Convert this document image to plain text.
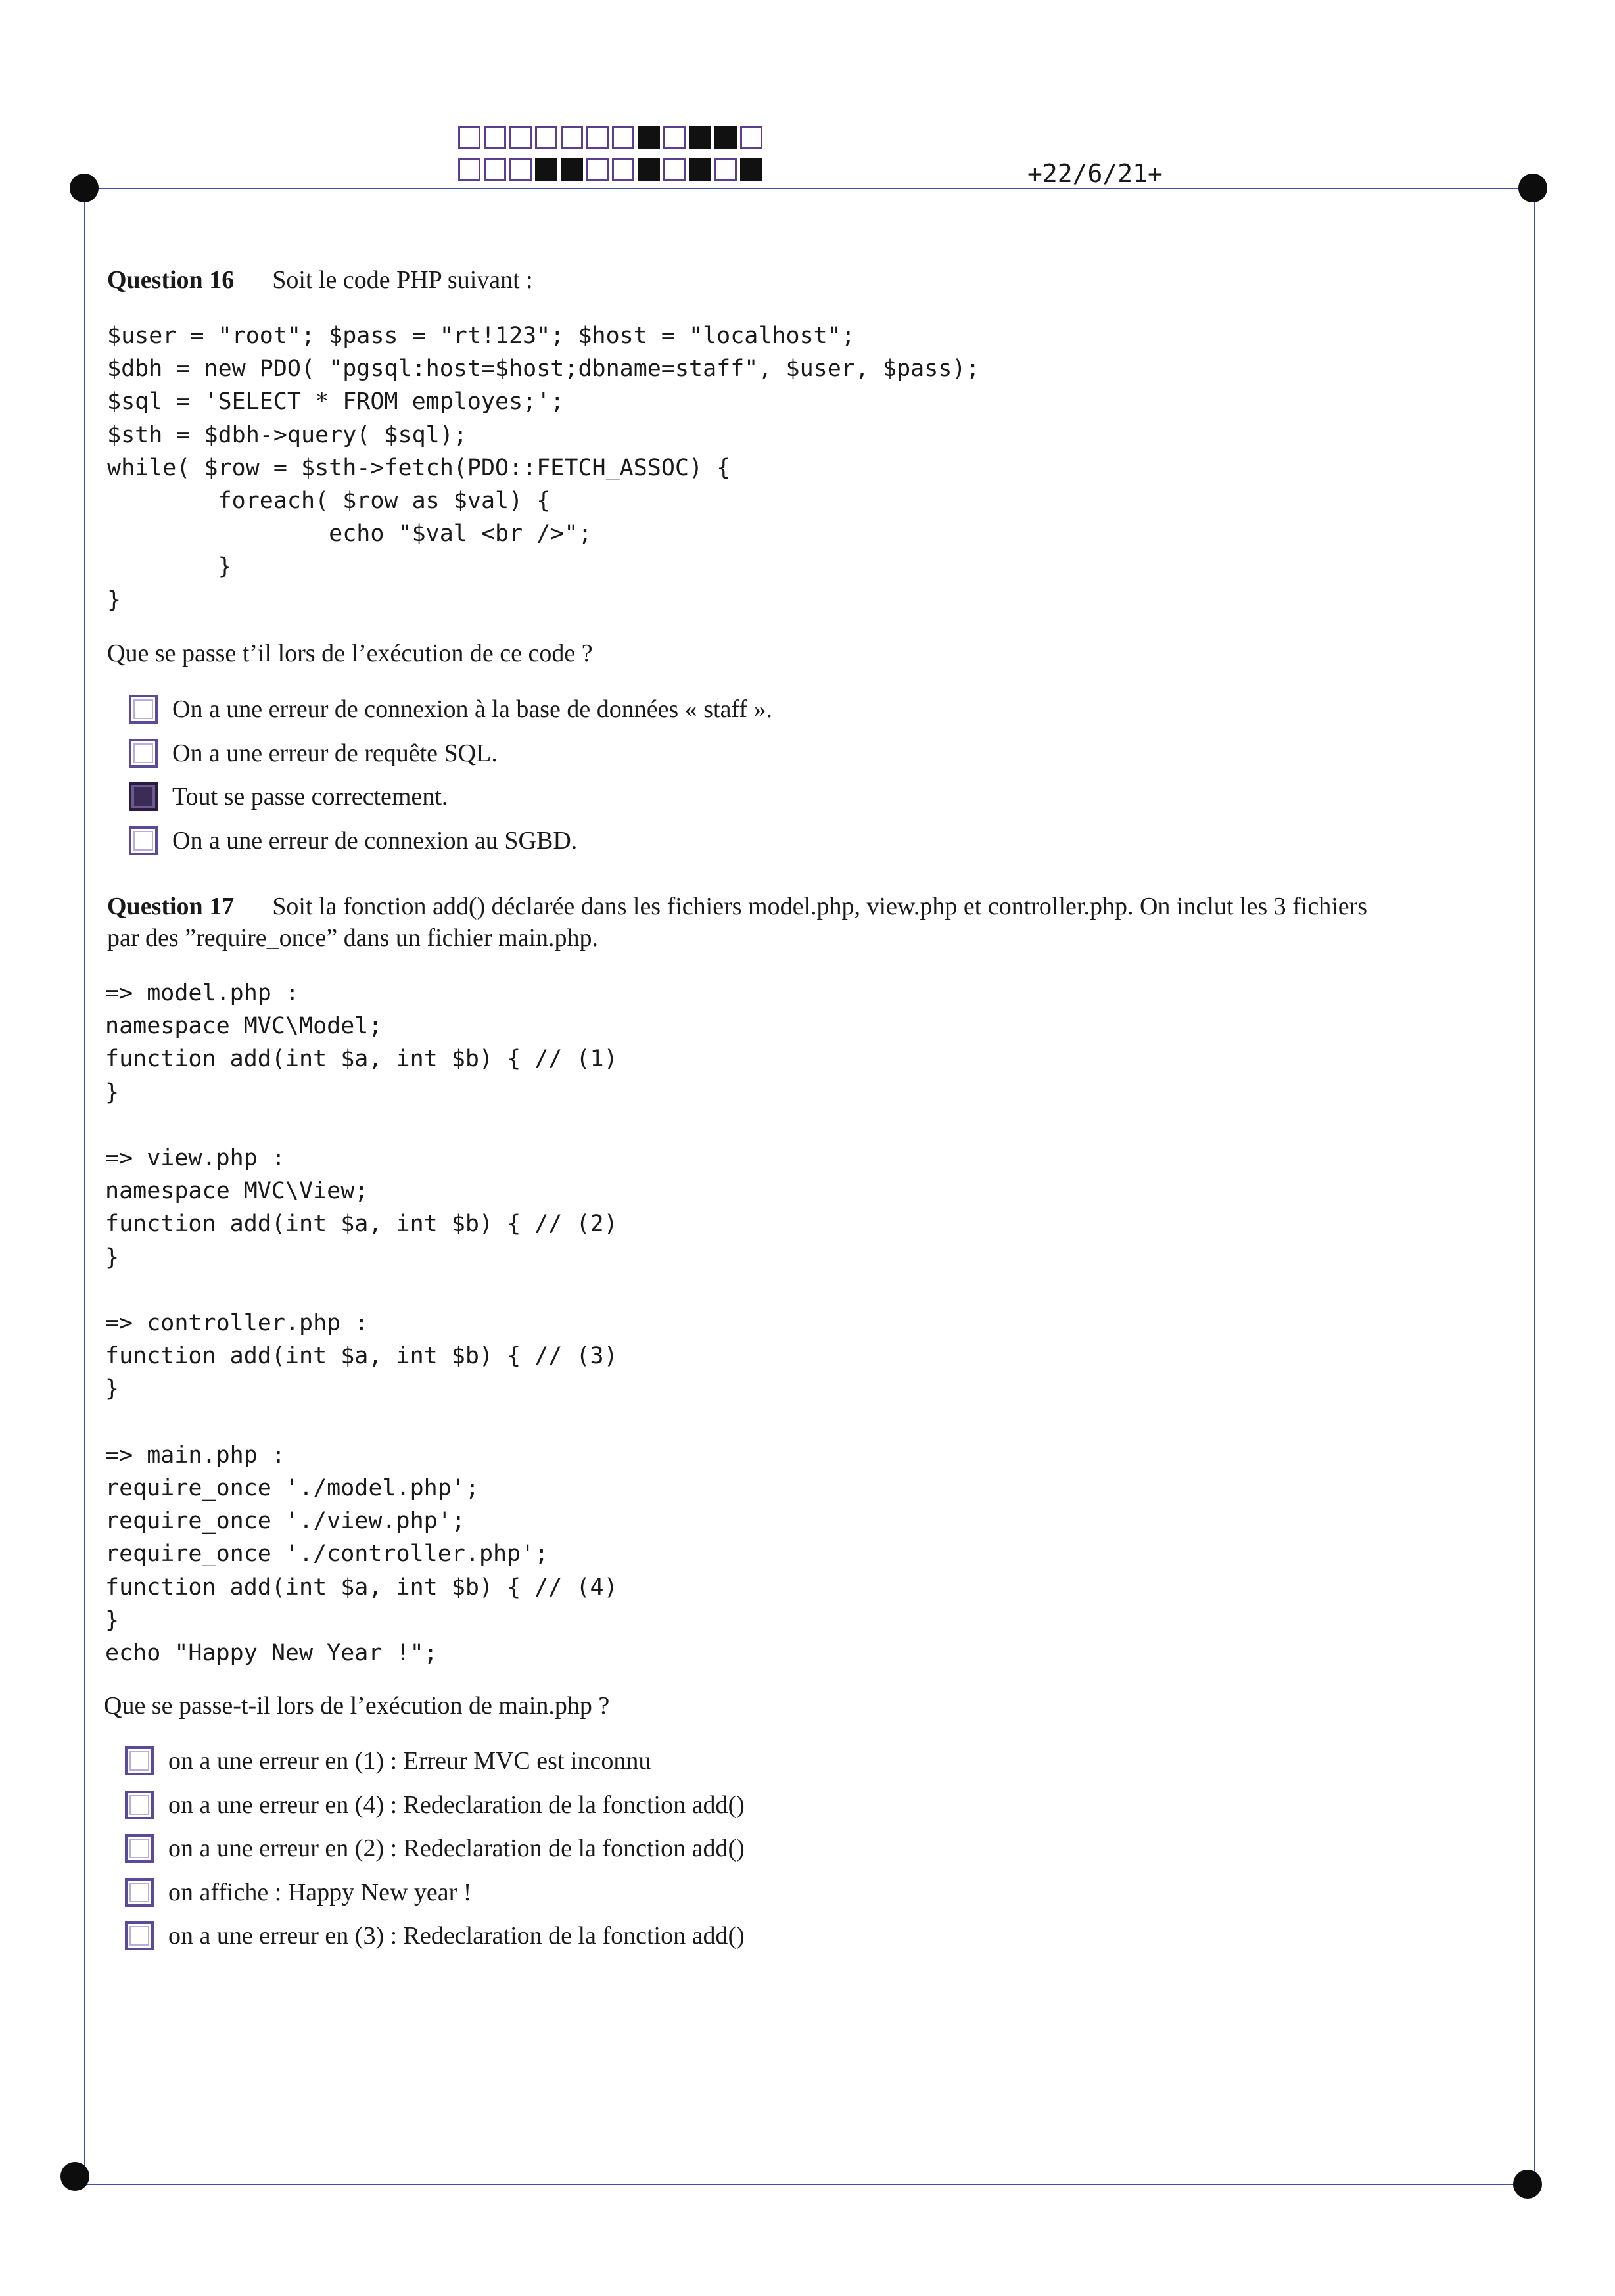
+22/6/21+
Question 16 Soit le code PHP suivant :
$user = "root"; $pass = "rt!123"; $host = "localhost";
$dbh = new PDO( "pgsql:host=$host;dbname=staff", $user, $pass);
$sql = 'SELECT * FROM employes;';
$sth = $dbh->query( $sql);
while( $row = $sth->fetch(PDO::FETCH_ASSOC) {
foreach( $row as $val) {
echo "$val <br />";
}
}
Que se passe t’il lors de l’exécution de ce code ?
On a une erreur de connexion à la base de données « staff ».
On a une erreur de requête SQL.
Tout se passe correctement.
On a une erreur de connexion au SGBD.
Question 17 Soit la fonction add() déclarée dans les fichiers model.php, view.php et controller.php. On inclut les 3 fichiers
par des ”require_once” dans un fichier main.php.
=> model.php :
namespace MVC\Model;
function add(int $a, int $b) { // (1)
}

=> view.php :
namespace MVC\View;
function add(int $a, int $b) { // (2)
}

=> controller.php :
function add(int $a, int $b) { // (3)
}

=> main.php :
require_once './model.php';
require_once './view.php';
require_once './controller.php';
function add(int $a, int $b) { // (4)
}
echo "Happy New Year !";
Que se passe-t-il lors de l’exécution de main.php ?
on a une erreur en (1) : Erreur MVC est inconnu
on a une erreur en (4) : Redeclaration de la fonction add()
on a une erreur en (2) : Redeclaration de la fonction add()
on affiche : Happy New year !
on a une erreur en (3) : Redeclaration de la fonction add()
